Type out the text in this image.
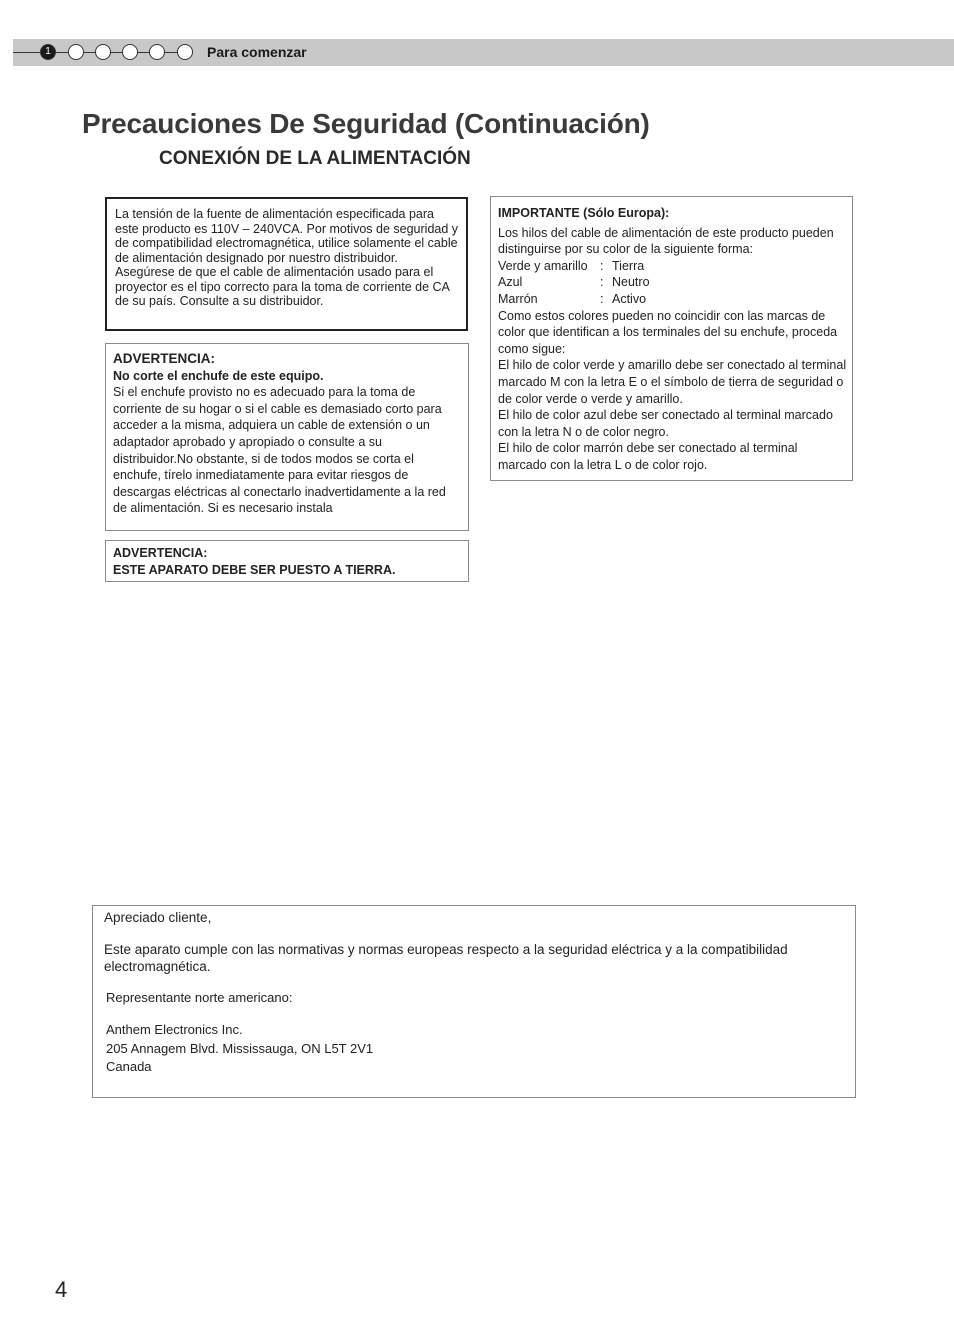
1	Para comenzar
Precauciones De Seguridad (Continuación)
CONEXIÓN DE LA ALIMENTACIÓN

La tensión de la fuente de alimentación especificada para este producto es 110V – 240VCA. Por motivos de seguridad y de compatibilidad electromagnética, utilice solamente el cable de alimentación designado por nuestro distribuidor.

Asegúrese de que el cable de alimentación usado para el proyector es el tipo correcto para la toma de corriente de CA de su país. Consulte a su distribuidor.

ADVERTENCIA:

No corte el enchufe de este equipo.

Si el enchufe provisto no es adecuado para la toma de corriente de su hogar o si el cable es demasiado corto para acceder a la misma, adquiera un cable de extensión o un adaptador aprobado y apropiado o consulte a su distribuidor.No obstante, si de todos modos se corta el enchufe, tírelo inmediatamente para evitar riesgos de descargas eléctricas al conectarlo inadvertidamente a la red de alimentación. Si es necesario instala

ADVERTENCIA:

ESTE APARATO DEBE SER PUESTO A TIERRA.

IMPORTANTE (Sólo Europa):

Los hilos del cable de alimentación de este producto pueden distinguirse por su color de la siguiente forma:

Verde y amarillo : Tierra
Azul	: Neutro
Marrón	: Activo

Como estos colores pueden no coincidir con las marcas de color que identifican a los terminales del su enchufe, proceda como sigue:

El hilo de color verde y amarillo debe ser conectado al terminal marcado M con la letra E o el símbolo de tierra de seguridad o de color verde o verde y amarillo.

El hilo de color azul debe ser conectado al terminal marcado con la letra N o de color negro.

El hilo de color marrón debe ser conectado al terminal marcado con la letra L o de color rojo.

Apreciado cliente,

Este aparato cumple con las normativas y normas europeas respecto a la seguridad eléctrica y a la compatibilidad electromagnética.

Representante norte americano:

Anthem Electronics Inc.

205 Annagem Blvd. Mississauga, ON L5T 2V1

Canada

4
